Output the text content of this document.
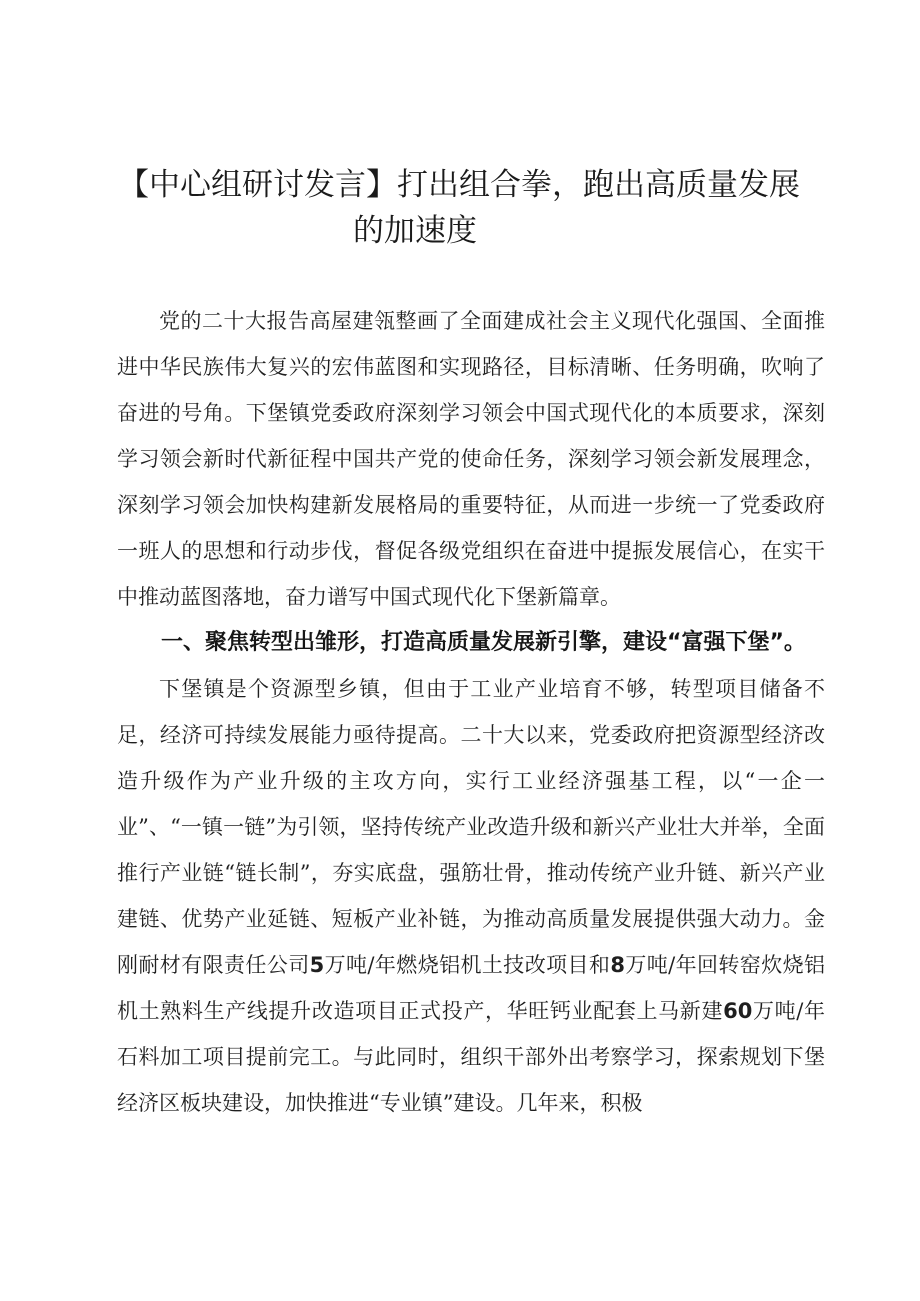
【中心组研讨发言】打出组合拳，跑出高质量发展
的加速度

党的二十大报告高屋建瓴整画了全面建成社会主义现代化强国、全面推进中华民族伟大复兴的宏伟蓝图和实现路径，目标清晰、任务明确，吹响了奋进的号角。下堡镇党委政府深刻学习领会中国式现代化的本质要求，深刻学习领会新时代新征程中国共产党的使命任务，深刻学习领会新发展理念，深刻学习领会加快构建新发展格局的重要特征，从而进一步统一了党委政府一班人的思想和行动步伐，督促各级党组织在奋进中提振发展信心，在实干中推动蓝图落地，奋力谱写中国式现代化下堡新篇章。

一、聚焦转型出雏形，打造高质量发展新引擎，建设“富强下堡”。

下堡镇是个资源型乡镇，但由于工业产业培育不够，转型项目储备不足，经济可持续发展能力亟待提高。二十大以来，党委政府把资源型经济改造升级作为产业升级的主攻方向，实行工业经济强基工程，以“一企一业”、“一镇一链”为引领，坚持传统产业改造升级和新兴产业壮大并举，全面推行产业链“链长制”，夯实底盘，强筋壮骨，推动传统产业升链、新兴产业建链、优势产业延链、短板产业补链，为推动高质量发展提供强大动力。金刚耐材有限责任公司5万吨/年燃烧铝机土技改项目和8万吨/年回转窑炊烧铝机土熟料生产线提升改造项目正式投产，华旺钙业配套上马新建60万吨/年石料加工项目提前完工。与此同时，组织干部外出考察学习，探索规划下堡经济区板块建设，加快推进“专业镇”建设。几年来，积极
